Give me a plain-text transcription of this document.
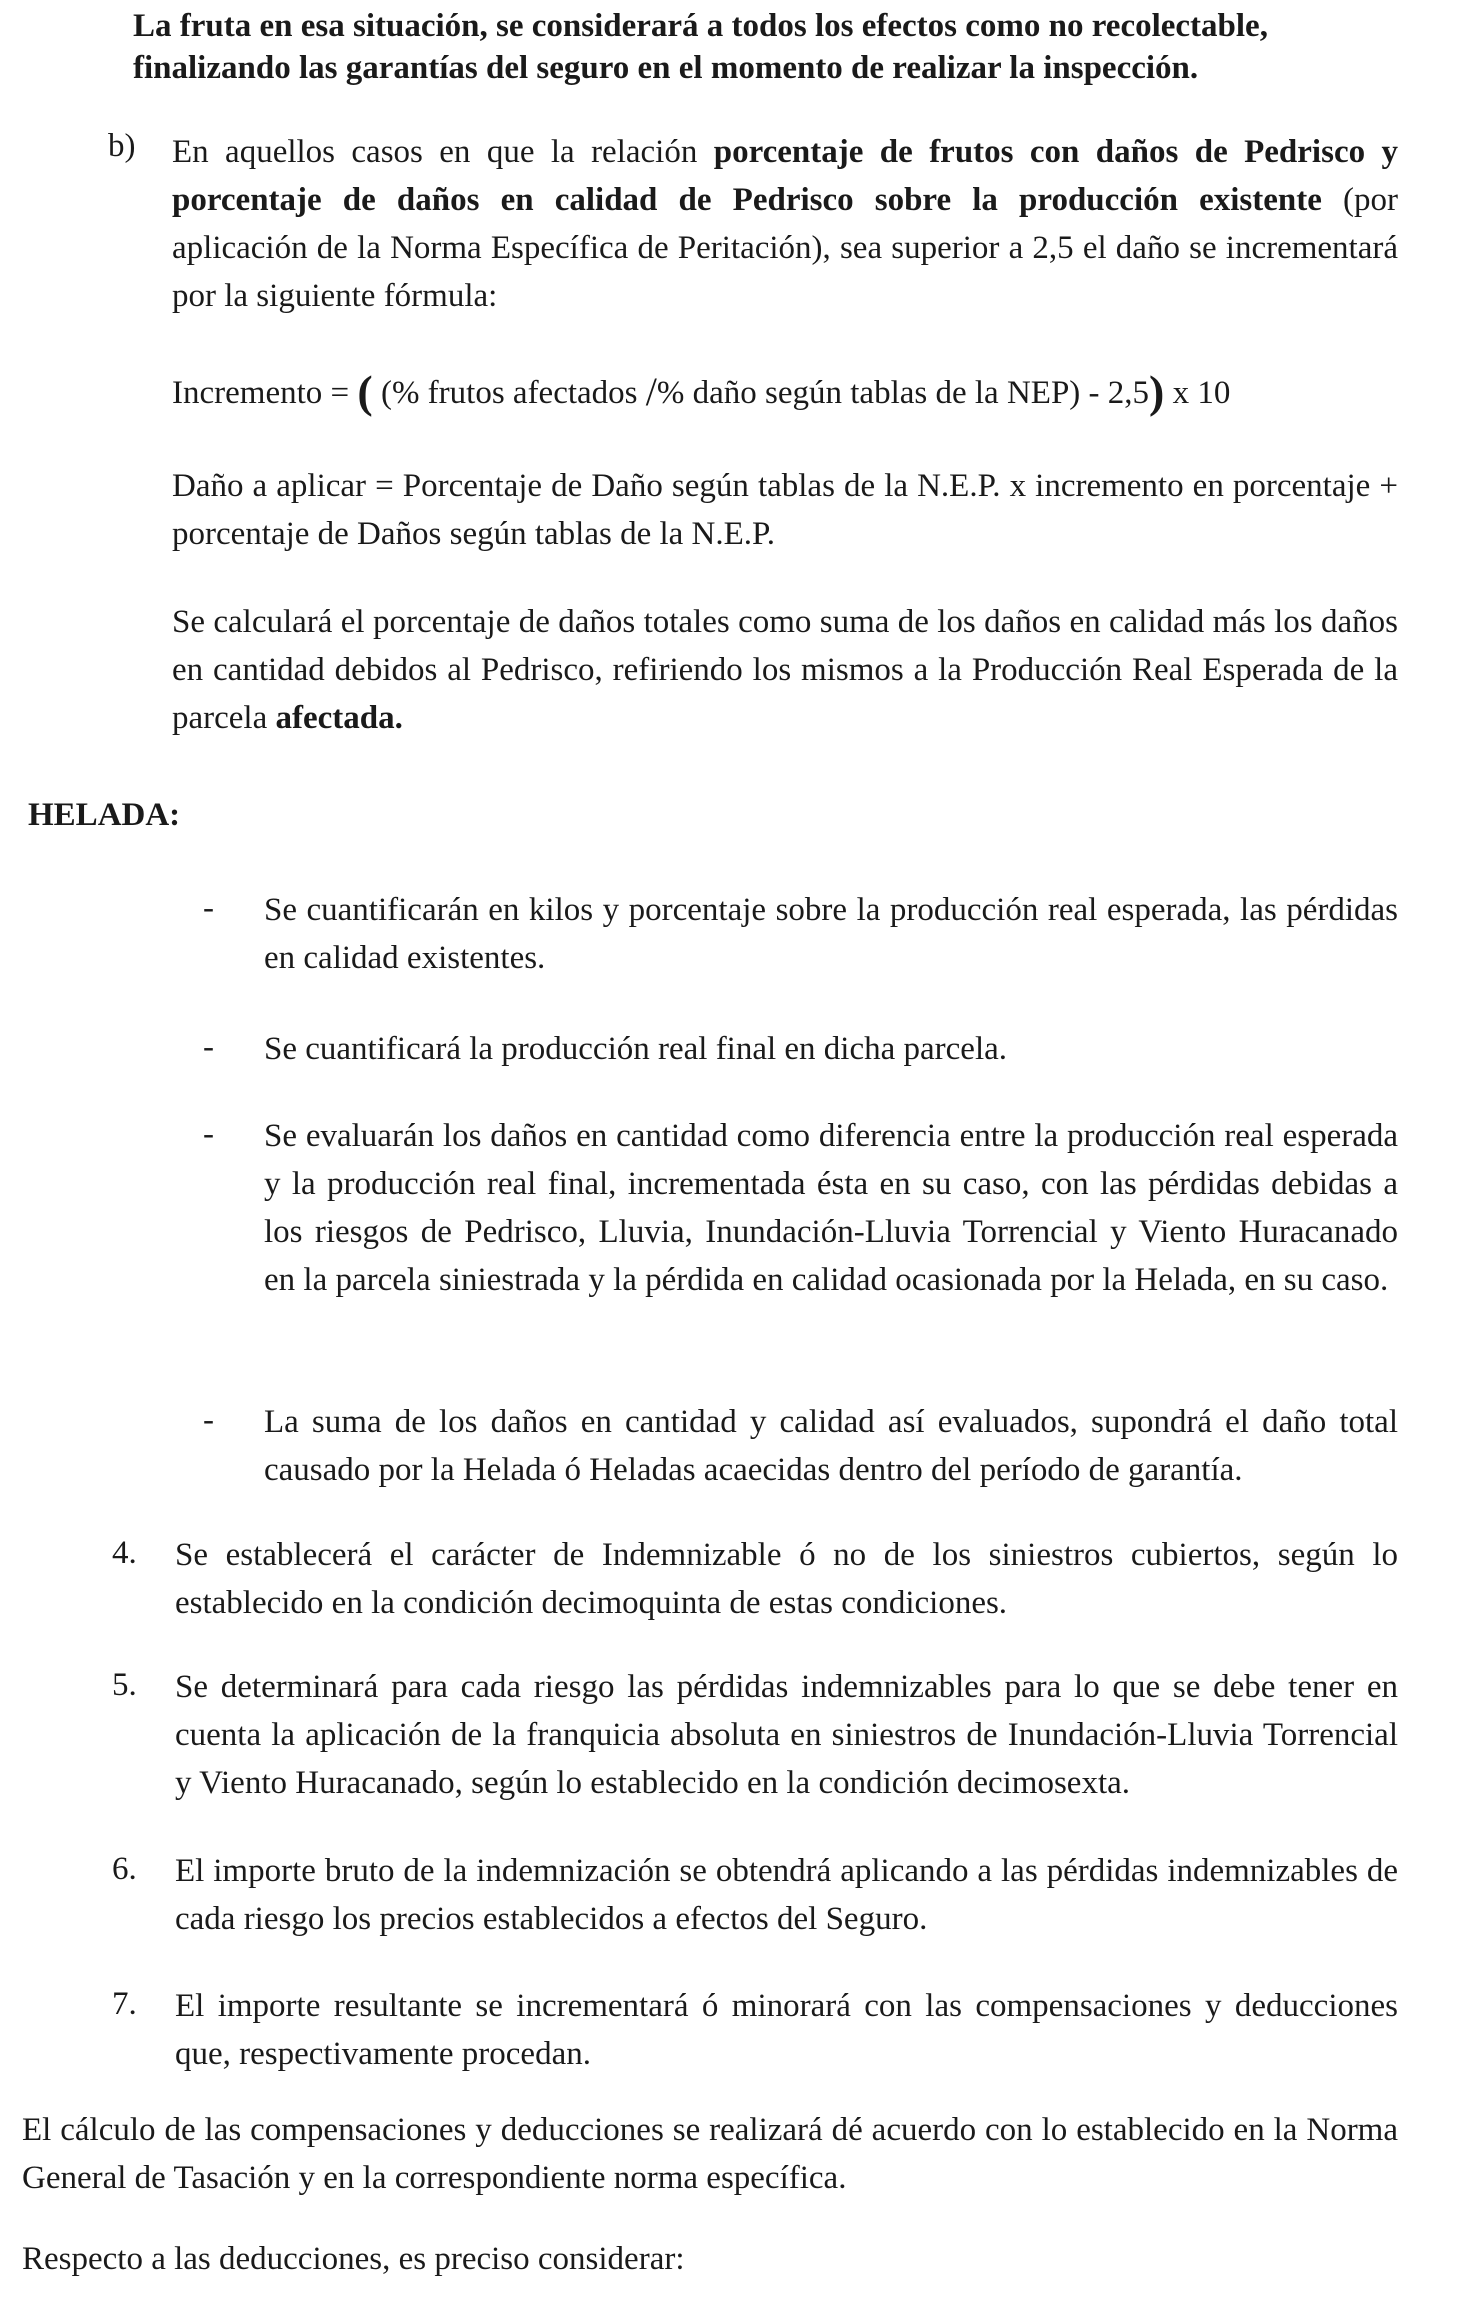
La fruta en esa situación, se considerará a todos los efectos como no recolectable,

finalizando las garantías del seguro en el momento de realizar la inspección.

b) En aquellos casos en que la relación porcentaje de frutos con daños de Pedrisco y porcentaje de daños en calidad de Pedrisco sobre la producción existente (por aplicación de la Norma Específica de Peritación), sea superior a 2,5 el daño se incrementará por la siguiente fórmula:

Incremento = ( (% frutos afectados /% daño según tablas de la NEP) - 2,5) x 10

Daño a aplicar = Porcentaje de Daño según tablas de la N.E.P. x incremento en porcentaje + porcentaje de Daños según tablas de la N.E.P.

Se calculará el porcentaje de daños totales como suma de los daños en calidad más los daños en cantidad debidos al Pedrisco, refiriendo los mismos a la Producción Real Esperada de la parcela afectada.

HELADA:

- Se cuantificarán en kilos y porcentaje sobre la producción real esperada, las pérdidas en calidad existentes.

- Se cuantificará la producción real final en dicha parcela.

- Se evaluarán los daños en cantidad como diferencia entre la producción real esperada y la producción real final, incrementada ésta en su caso, con las pérdidas debidas a los riesgos de Pedrisco, Lluvia, Inundación-Lluvia Torrencial y Viento Huracanado en la parcela siniestrada y la pérdida en calidad ocasionada por la Helada, en su caso.

- La suma de los daños en cantidad y calidad así evaluados, supondrá el daño total causado por la Helada ó Heladas acaecidas dentro del período de garantía.

4. Se establecerá el carácter de Indemnizable ó no de los siniestros cubiertos, según lo establecido en la condición decimoquinta de estas condiciones.

5. Se determinará para cada riesgo las pérdidas indemnizables para lo que se debe tener en cuenta la aplicación de la franquicia absoluta en siniestros de Inundación-Lluvia Torrencial y Viento Huracanado, según lo establecido en la condición decimosexta.

6. El importe bruto de la indemnización se obtendrá aplicando a las pérdidas indemnizables de cada riesgo los precios establecidos a efectos del Seguro.

7. El importe resultante se incrementará ó minorará con las compensaciones y deducciones que, respectivamente procedan.

El cálculo de las compensaciones y deducciones se realizará dé acuerdo con lo establecido en la Norma General de Tasación y en la correspondiente norma específica.

Respecto a las deducciones, es preciso considerar:
